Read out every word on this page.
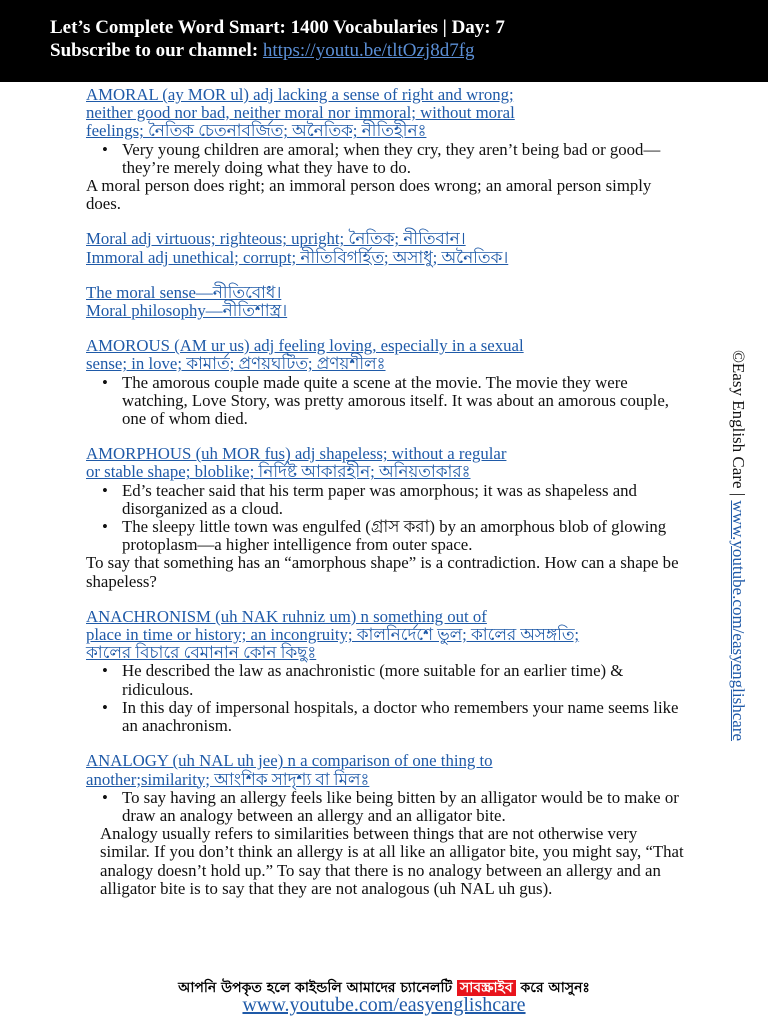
Let’s Complete Word Smart: 1400 Vocabularies | Day: 7
Subscribe to our channel: https://youtu.be/tltOzj8d7fg
AMORAL (ay MOR ul) adj lacking a sense of right and wrong;
neither good nor bad, neither moral nor immoral; without moral
feelings; নৈতিক চেতনাবর্জিত; অনৈতিক; নীতিহীনঃ
• Very young children are amoral; when they cry, they aren’t being bad or good—they’re merely doing what they have to do.

A moral person does right; an immoral person does wrong; an amoral person simply does.

Moral adj virtuous; righteous; upright; নৈতিক; নীতিবান।
Immoral adj unethical; corrupt; নীতিবিগর্হিত; অসাধু; অনৈতিক।
The moral sense—নীতিবোধ।
Moral philosophy—নীতিশাস্ত্র।
AMOROUS (AM ur us) adj feeling loving, especially in a sexual
sense; in love; কামার্ত; প্রণয়ঘটিত; প্রণয়শীলঃ
• The amorous couple made quite a scene at the movie. The movie they were watching, Love Story, was pretty amorous itself. It was about an amorous couple, one of whom died.
AMORPHOUS (uh MOR fus) adj shapeless; without a regular
or stable shape; bloblike; নির্দিষ্ট আকারহীন; অনিয়তাকারঃ
• Ed’s teacher said that his term paper was amorphous; it was as shapeless and disorganized as a cloud.
• The sleepy little town was engulfed (গ্রাস করা) by an amorphous blob of glowing protoplasm—a higher intelligence from outer space.

To say that something has an “amorphous shape” is a contradiction. How can a shape be shapeless?

ANACHRONISM (uh NAK ruhniz um) n something out of
place in time or history; an incongruity; কালনির্দেশে ভুল; কালের অসঙ্গতি;
কালের বিচারে বেমানান কোন কিছুঃ
• He described the law as anachronistic (more suitable for an earlier time) & ridiculous.
• In this day of impersonal hospitals, a doctor who remembers your name seems like an anachronism.
ANALOGY (uh NAL uh jee) n a comparison of one thing to
another;similarity; আংশিক সাদৃশ্য বা মিলঃ
• To say having an allergy feels like being bitten by an alligator would be to make or draw an analogy between an allergy and an alligator bite.

Analogy usually refers to similarities between things that are not otherwise very similar. If you don’t think an allergy is at all like an alligator bite, you might say, “That analogy doesn’t hold up.” To say that there is no analogy between an allergy and an alligator bite is to say that they are not analogous (uh NAL uh gus).

©Easy English Care | www.youtube.com/easyenglishcare
আপনি উপকৃত হলে কাইন্ডলি আমাদের চ্যানেলটি সাবস্ক্রাইব করে আসুনঃ
www.youtube.com/easyenglishcare
